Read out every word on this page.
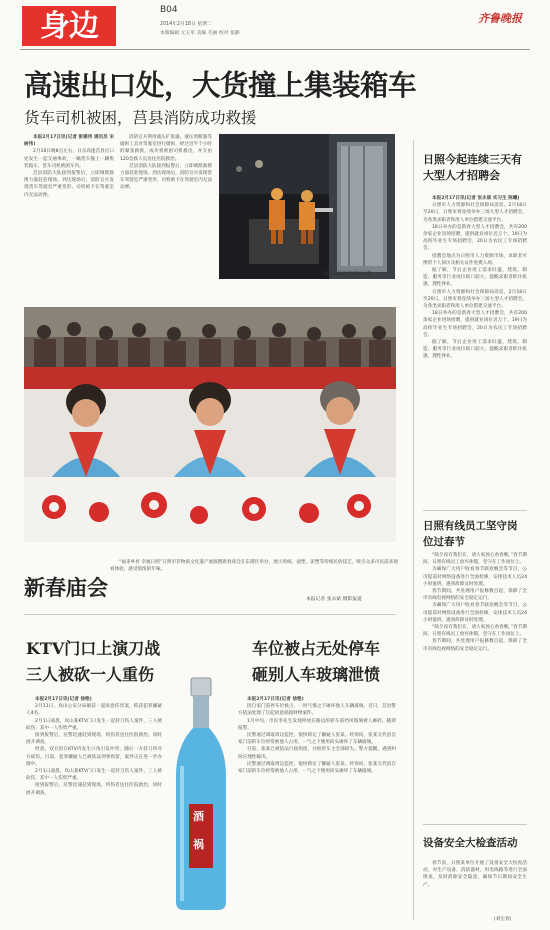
身边	B04
2014年2月18日 星期二
本版编辑 元玉军 美编 毛丽 校对 张静
齐鲁晚报
高速出口处，大货撞上集装箱车
货车司机被困，莒县消防成功救援

本报2月17日讯(记者 彭建伟 通讯员 宋树伟)

2月16日晚8点左右，日东高速莒县出口处发生一起交通事故，一辆货车撞上一辆集装箱车，货车司机被困车内。

莒县消防大队接到报警后，立即调派救援力量赶赴现场。到达现场后，消防官兵发现货车驾驶室严重变形，司机被卡在驾驶室内无法动弹。

消防官兵利用液压扩张器、液压剪断器等破拆工具对驾驶室进行破拆，经过近半个小时的紧张救援，成功将被困司机救出，并交由120急救人员送往医院救治。

莒县消防大队接到报警后，立即调派救援力量赶赴现场。到达现场后，消防官兵发现货车驾驶室严重变形，司机被卡在驾驶室内无法动弹。

消防人员施救被困司机。

“福来乡村 幸福日照”日照市非物质文化遗产展演暨新春庙会在东港区举办，展示剪纸、面塑、泥塑等传统民俗技艺，吸引众多市民前来观看体验，感受浓浓的年味。

本报记者 张永斌 摄影报道
新春庙会
KTV门口上演刀战
三人被砍一人重伤

本报2月17日讯(记者 徐艳)

2月11日，岚山公安分局破获一起故意伤害案，抓获犯罪嫌疑人4名。

2月1日凌晨，岚山某KTV门口发生一起持刀伤人案件，三人被砍伤，其中一人伤势严重。

接到报警后，民警迅速赶到现场，将伤者送往医院救治，同时展开调查。

经查，双方因在KTV内发生口角引发冲突，随后一方持刀将对方砍伤。目前，犯罪嫌疑人已被依法刑事拘留，案件正在进一步办理中。

2月1日凌晨，岚山某KTV门口发生一起持刀伤人案件，三人被砍伤，其中一人伤势严重。

接到报警后，民警迅速赶到现场，将伤者送往医院救治，同时展开调查。

酒
祸
车位被占无处停车
砸别人车玻璃泄愤

本报2月17日讯(记者 徐艳)

因自家门前停车位被占，一时气愤之下砸坏他人车辆玻璃。近日，莒县警方依法处理了这起故意损毁财物案件。

1月中旬，市民李先生发现停放在路边的轿车前挡风玻璃被人砸碎，随即报警。

民警通过调取周边监控，很快锁定了嫌疑人张某。经询问，张某交代因自家门前的车位经常被他人占用，一气之下便用砖头砸坏了车辆玻璃。

目前，张某已被依法行政拘留，并赔偿车主全部损失。警方提醒，遇到纠纷应理性解决。

民警通过调取周边监控，很快锁定了嫌疑人张某。经询问，张某交代因自家门前的车位经常被他人占用，一气之下便用砖头砸坏了车辆玻璃。

日照今起连续三天有大型人才招聘会

本报2月17日讯(记者 张永斌 实习生 陈曦)

日照市人力资源和社会保障局消息，2月18日至20日，日照市将连续举办三场大型人才招聘会，为各类求职者和用人单位搭建交流平台。

18日举办的是新春大型人才招聘会，共有200余家企业进场招聘，提供就业岗位近万个。19日为高校毕业生专场招聘会，20日为农民工专场招聘会。

招聘会地点为日照市人力资源市场，求职者可携带个人简历及相关证件免费入场。

据了解，节后企业用工需求旺盛，建筑、制造、服务等行业岗位缺口较大，提醒求职者抓住机遇，理性择业。

日照市人力资源和社会保障局消息，2月18日至20日，日照市将连续举办三场大型人才招聘会，为各类求职者和用人单位搭建交流平台。

18日举办的是新春大型人才招聘会，共有200余家企业进场招聘，提供就业岗位近万个。19日为高校毕业生专场招聘会，20日为农民工专场招聘会。

据了解，节后企业用工需求旺盛，建筑、制造、服务等行业岗位缺口较大，提醒求职者抓住机遇，理性择业。

日照有线员工坚守岗位过春节

“除夕夜有我们在，请大家放心看春晚。”春节期间，日照有线员工放弃休假，坚守在工作岗位上。

为确保广大用户收看春节联欢晚会等节目，公司提前对网络设备进行全面检修，安排技术人员24小时值班，遇到故障及时处理。

春节期间，共处理用户报修数百起，保障了全市有线电视网络的安全稳定运行。

为确保广大用户收看春节联欢晚会等节目，公司提前对网络设备进行全面检修，安排技术人员24小时值班，遇到故障及时处理。

“除夕夜有我们在，请大家放心看春晚。”春节期间，日照有线员工放弃休假，坚守在工作岗位上。

春节期间，共处理用户报修数百起，保障了全市有线电视网络的安全稳定运行。

设备安全大检查活动

春节前，日照某单位开展了设备安全大检查活动，对生产设备、消防器材、用电线路等进行全面排查，及时消除安全隐患，确保节日期间安全生产。

(刘宏春)
